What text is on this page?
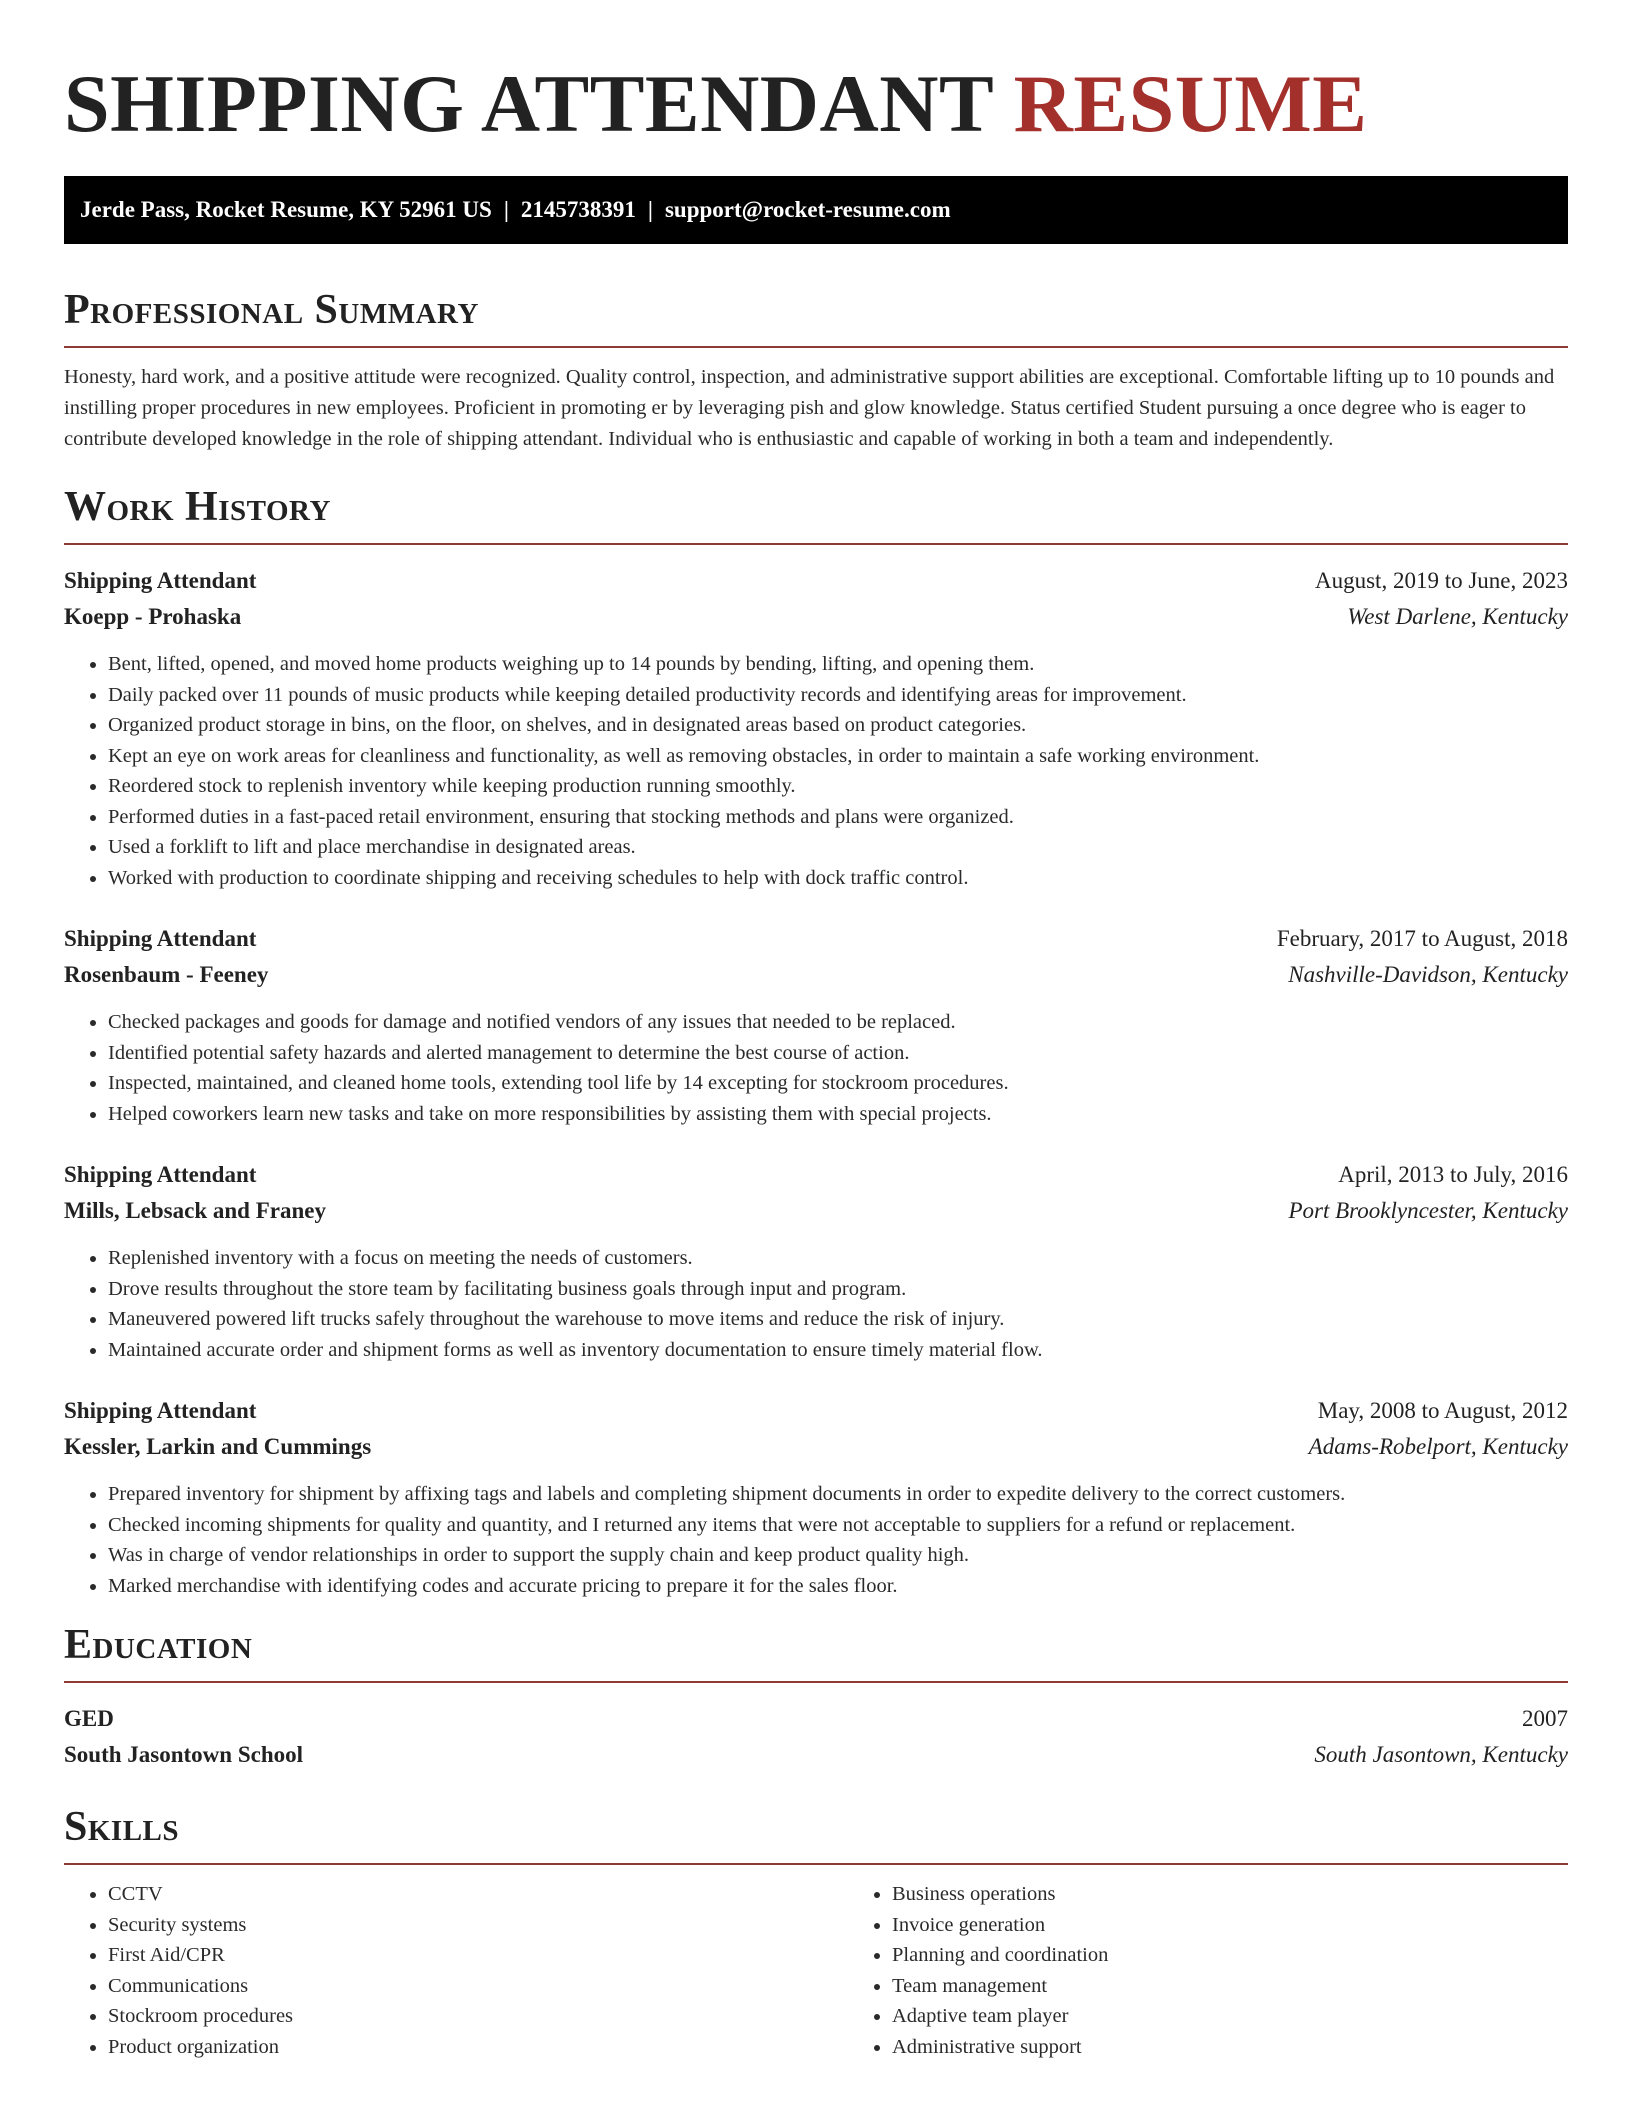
SHIPPING ATTENDANT RESUME
Jerde Pass, Rocket Resume, KY 52961 US | 2145738391 | support@rocket-resume.com
Professional Summary

Honesty, hard work, and a positive attitude were recognized. Quality control, inspection, and administrative support abilities are exceptional. Comfortable lifting up to 10 pounds and instilling proper procedures in new employees. Proficient in promoting er by leveraging pish and glow knowledge. Status certified Student pursuing a once degree who is eager to contribute developed knowledge in the role of shipping attendant. Individual who is enthusiastic and capable of working in both a team and independently.

Work History
Shipping Attendant	August, 2019 to June, 2023
Koepp - Prohaska	West Darlene, Kentucky
• Bent, lifted, opened, and moved home products weighing up to 14 pounds by bending, lifting, and opening them.
• Daily packed over 11 pounds of music products while keeping detailed productivity records and identifying areas for improvement.
• Organized product storage in bins, on the floor, on shelves, and in designated areas based on product categories.
• Kept an eye on work areas for cleanliness and functionality, as well as removing obstacles, in order to maintain a safe working environment.
• Reordered stock to replenish inventory while keeping production running smoothly.
• Performed duties in a fast-paced retail environment, ensuring that stocking methods and plans were organized.
• Used a forklift to lift and place merchandise in designated areas.
• Worked with production to coordinate shipping and receiving schedules to help with dock traffic control.
Shipping Attendant	February, 2017 to August, 2018
Rosenbaum - Feeney	Nashville-Davidson, Kentucky
• Checked packages and goods for damage and notified vendors of any issues that needed to be replaced.
• Identified potential safety hazards and alerted management to determine the best course of action.
• Inspected, maintained, and cleaned home tools, extending tool life by 14 excepting for stockroom procedures.
• Helped coworkers learn new tasks and take on more responsibilities by assisting them with special projects.
Shipping Attendant	April, 2013 to July, 2016
Mills, Lebsack and Franey	Port Brooklyncester, Kentucky
• Replenished inventory with a focus on meeting the needs of customers.
• Drove results throughout the store team by facilitating business goals through input and program.
• Maneuvered powered lift trucks safely throughout the warehouse to move items and reduce the risk of injury.
• Maintained accurate order and shipment forms as well as inventory documentation to ensure timely material flow.
Shipping Attendant	May, 2008 to August, 2012
Kessler, Larkin and Cummings	Adams-Robelport, Kentucky
• Prepared inventory for shipment by affixing tags and labels and completing shipment documents in order to expedite delivery to the correct customers.
• Checked incoming shipments for quality and quantity, and I returned any items that were not acceptable to suppliers for a refund or replacement.
• Was in charge of vendor relationships in order to support the supply chain and keep product quality high.
• Marked merchandise with identifying codes and accurate pricing to prepare it for the sales floor.
Education
GED	2007
South Jasontown School	South Jasontown, Kentucky
Skills
• CCTV
• Security systems
• First Aid/CPR
• Communications
• Stockroom procedures
• Product organization
• Business operations
• Invoice generation
• Planning and coordination
• Team management
• Adaptive team player
• Administrative support
